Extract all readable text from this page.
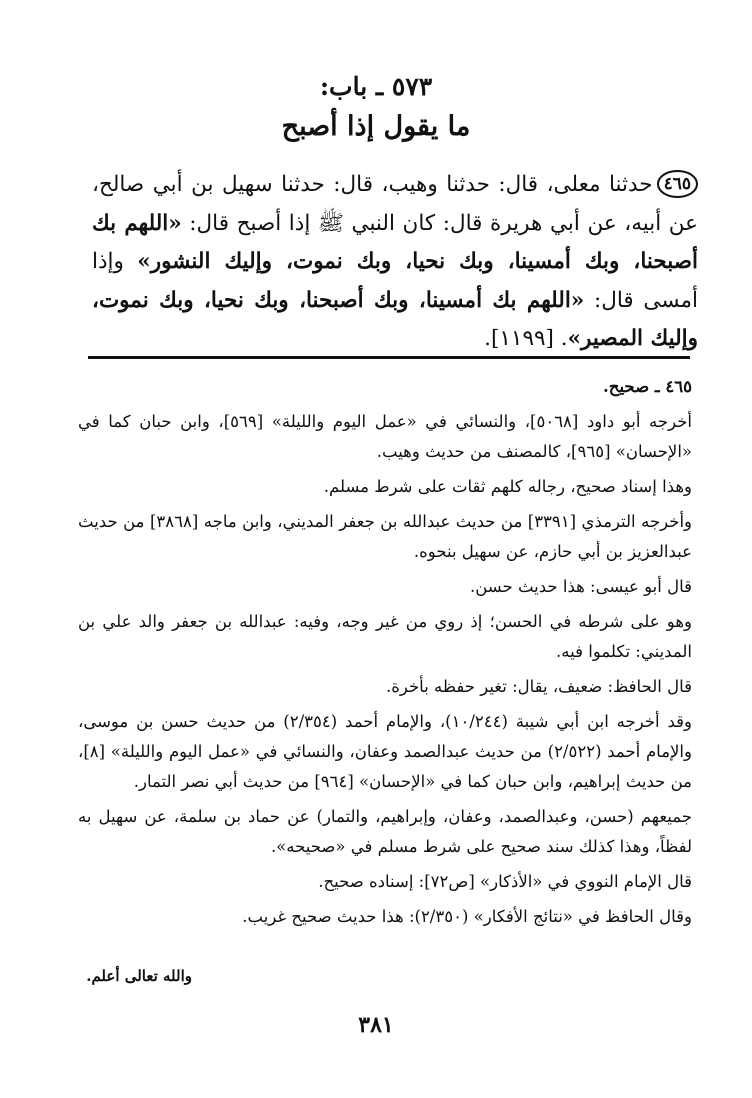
٥٧٣ ـ باب:
ما يقول إذا أصبح

٤٦٥حدثنا معلى، قال: حدثنا وهيب، قال: حدثنا سهيل بن أبي صالح، عن أبيه، عن أبي هريرة قال: كان النبي ﷺ إذا أصبح قال: «اللهم بك أصبحنا، وبك أمسينا، وبك نحيا، وبك نموت، وإليك النشور» وإذا أمسى قال: «اللهم بك أمسينا، وبك أصبحنا، وبك نحيا، وبك نموت، وإليك المصير». [١١٩٩].

٤٦٥ ـ صحيح.

أخرجه أبو داود [٥٠٦٨]، والنسائي في «عمل اليوم والليلة» [٥٦٩]، وابن حبان كما في «الإحسان» [٩٦٥]، كالمصنف من حديث وهيب.

وهذا إسناد صحيح، رجاله كلهم ثقات على شرط مسلم.

وأخرجه الترمذي [٣٣٩١] من حديث عبدالله بن جعفر المديني، وابن ماجه [٣٨٦٨] من حديث عبدالعزيز بن أبي حازم، عن سهيل بنحوه.

قال أبو عيسى: هذا حديث حسن.

وهو على شرطه في الحسن؛ إذ روي من غير وجه، وفيه: عبدالله بن جعفر والد علي بن المديني: تكلموا فيه.

قال الحافظ: ضعيف، يقال: تغير حفظه بأخرة.

وقد أخرجه ابن أبي شيبة (١٠/٢٤٤)، والإمام أحمد (٢/٣٥٤) من حديث حسن بن موسى، والإمام أحمد (٢/٥٢٢) من حديث عبدالصمد وعفان، والنسائي في «عمل اليوم والليلة» [٨]، من حديث إبراهيم، وابن حبان كما في «الإحسان» [٩٦٤] من حديث أبي نصر التمار.

جميعهم (حسن، وعبدالصمد، وعفان، وإبراهيم، والتمار) عن حماد بن سلمة، عن سهيل به لفظاً، وهذا كذلك سند صحيح على شرط مسلم في «صحيحه».

قال الإمام النووي في «الأذكار» [ص٧٢]: إسناده صحيح.

وقال الحافظ في «نتائج الأفكار» (٢/٣٥٠): هذا حديث صحيح غريب.

والله تعالى أعلم.

٣٨١
